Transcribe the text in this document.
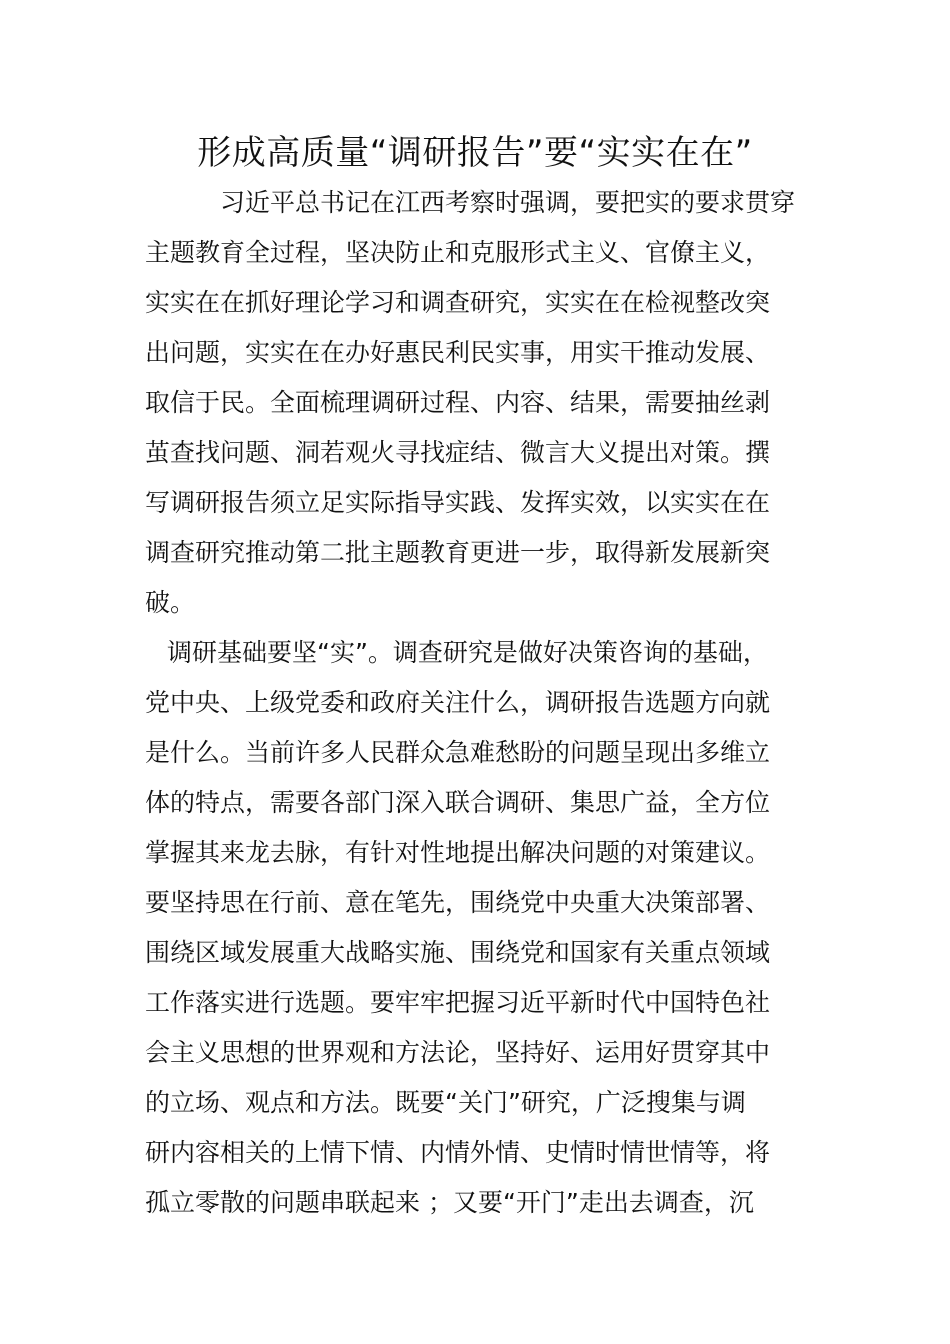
形成高质量“调研报告”要“实实在在”
习近平总书记在江西考察时强调，要把实的要求贯穿
主题教育全过程，坚决防止和克服形式主义、官僚主义，
实实在在抓好理论学习和调查研究，实实在在检视整改突
出问题，实实在在办好惠民利民实事，用实干推动发展、
取信于民。全面梳理调研过程、内容、结果，需要抽丝剥
茧查找问题、洞若观火寻找症结、微言大义提出对策。撰
写调研报告须立足实际指导实践、发挥实效，以实实在在
调查研究推动第二批主题教育更进一步，取得新发展新突
破。
调研基础要坚“实”。调查研究是做好决策咨询的基础，
党中央、上级党委和政府关注什么，调研报告选题方向就
是什么。当前许多人民群众急难愁盼的问题呈现出多维立
体的特点，需要各部门深入联合调研、集思广益，全方位
掌握其来龙去脉，有针对性地提出解决问题的对策建议。
要坚持思在行前、意在笔先，围绕党中央重大决策部署、
围绕区域发展重大战略实施、围绕党和国家有关重点领域
工作落实进行选题。要牢牢把握习近平新时代中国特色社
会主义思想的世界观和方法论，坚持好、运用好贯穿其中
的立场、观点和方法。既要“关门”研究，广泛搜集与调
研内容相关的上情下情、内情外情、史情时情世情等，将
孤立零散的问题串联起来 ；又要“开门”走出去调查，沉
